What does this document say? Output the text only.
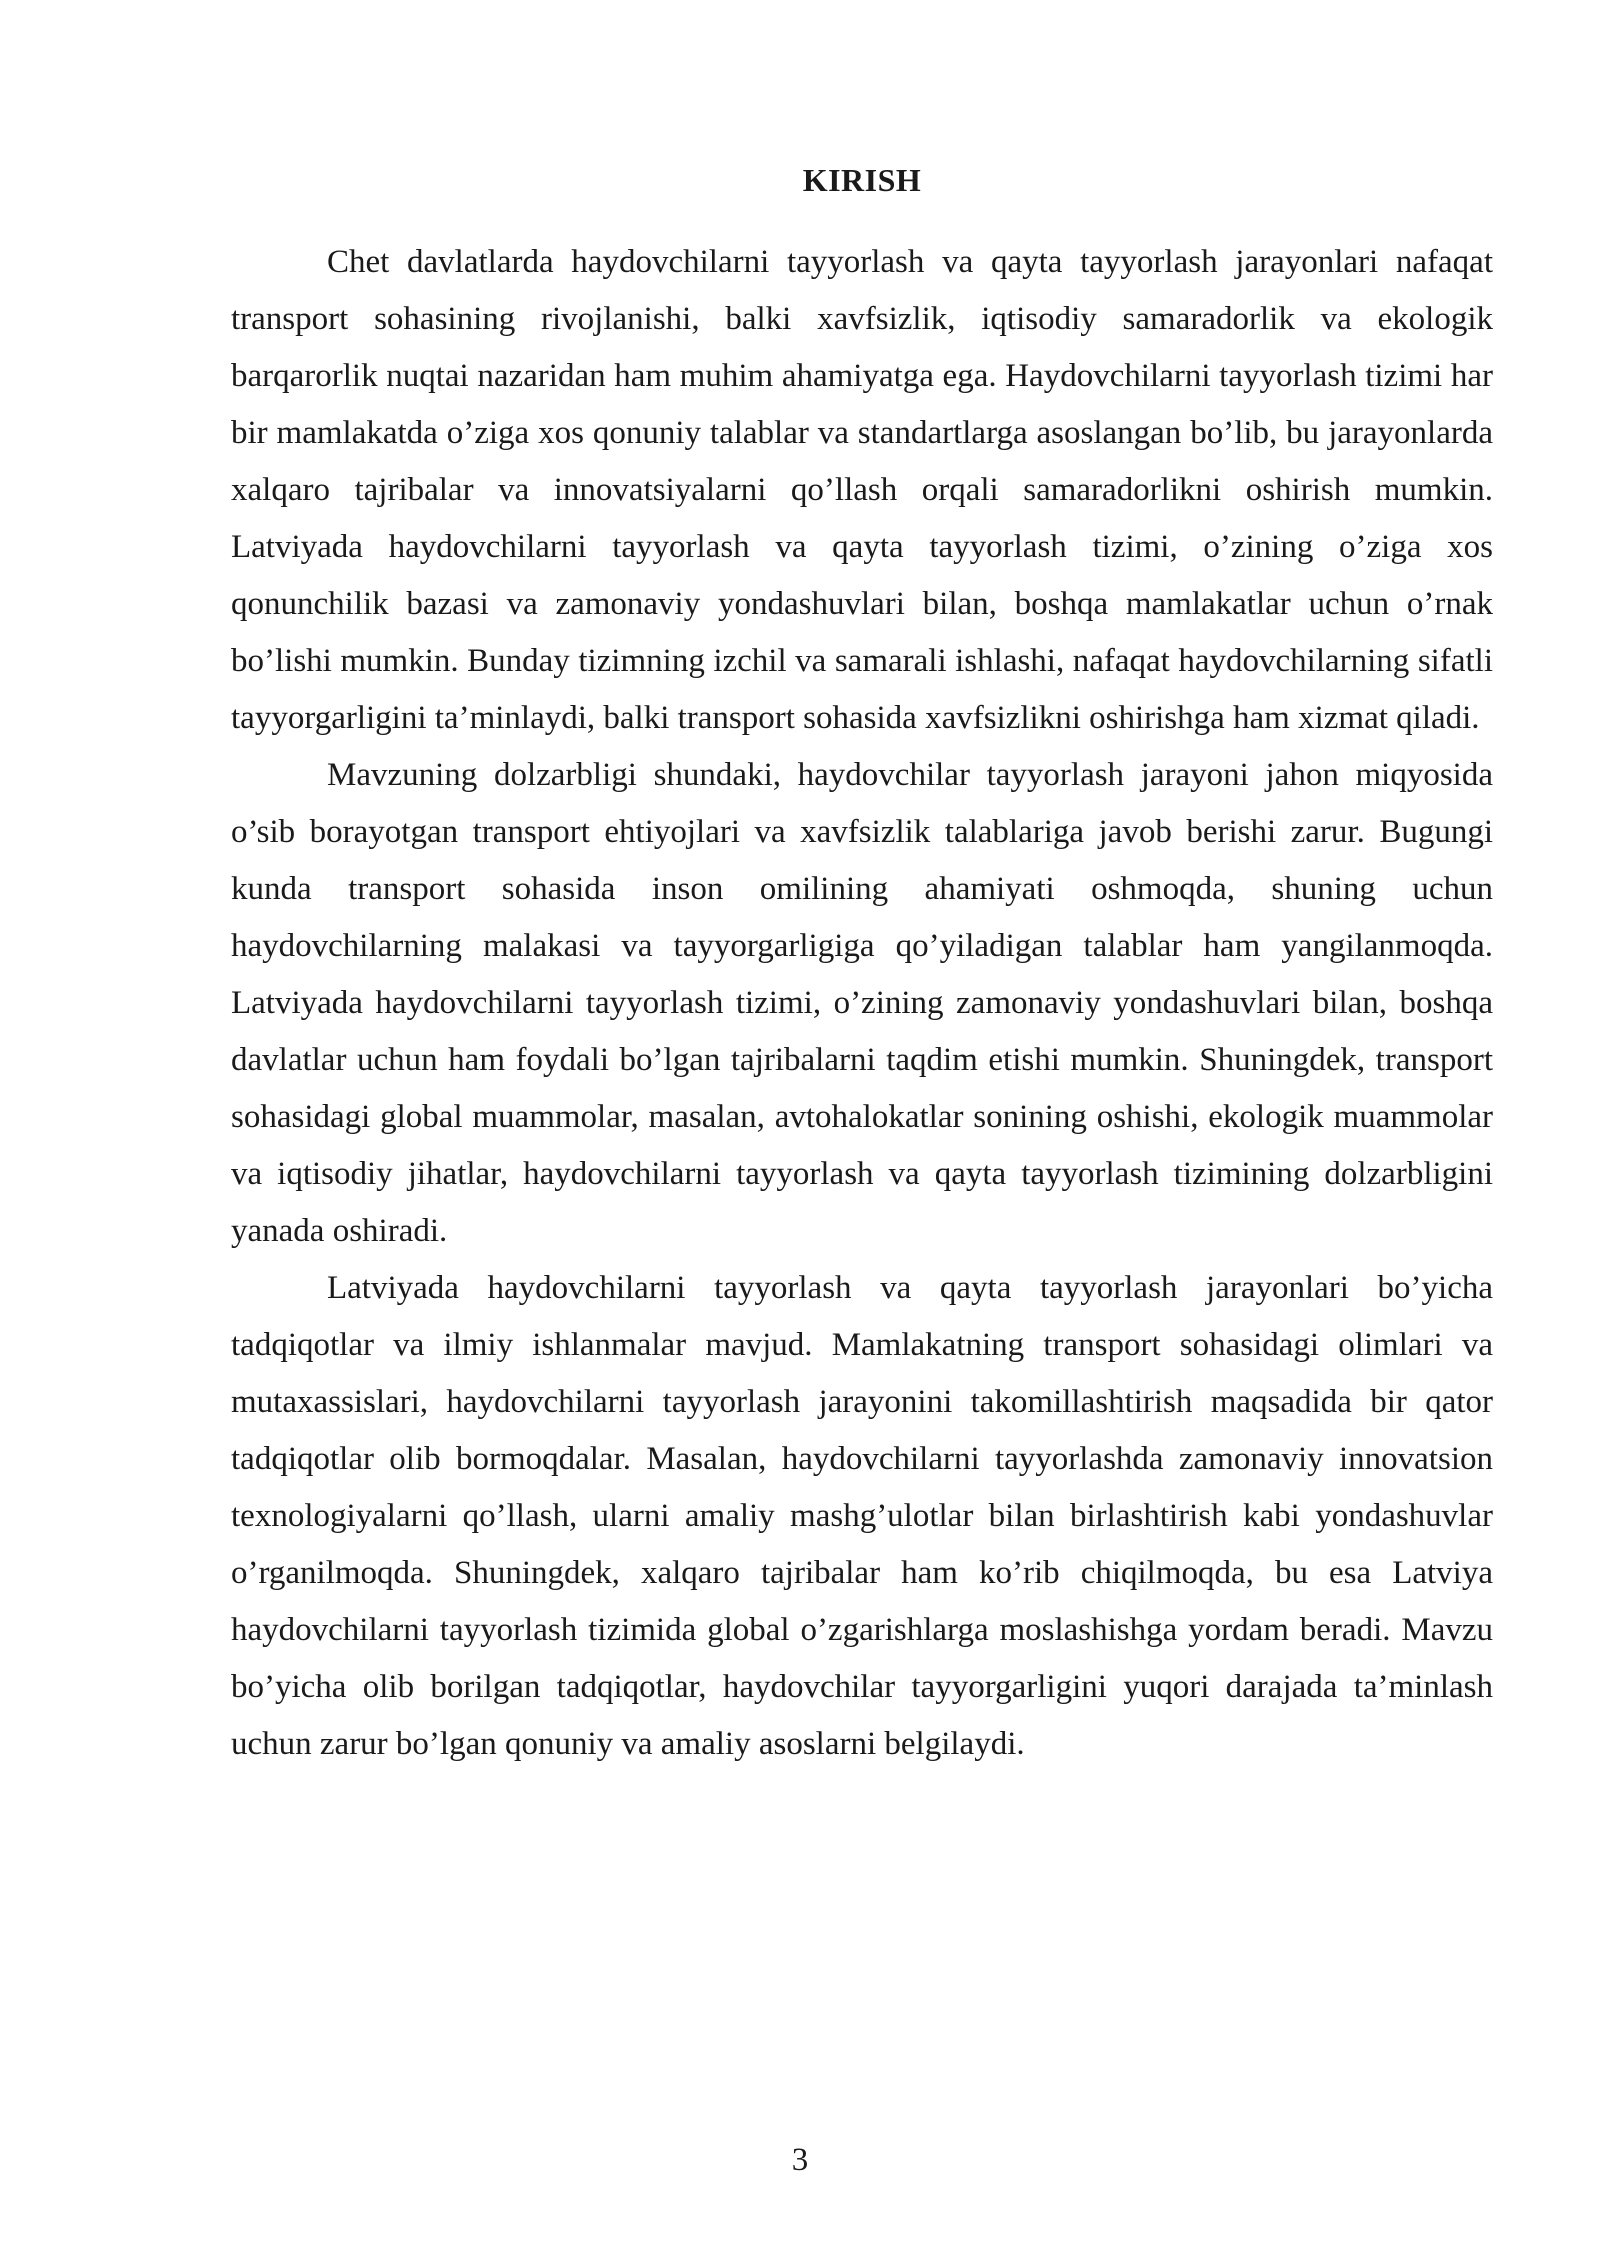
KIRISH

Chet davlatlarda haydovchilarni tayyorlash va qayta tayyorlash jarayonlari nafaqat transport sohasining rivojlanishi, balki xavfsizlik, iqtisodiy samaradorlik va ekologik barqarorlik nuqtai nazaridan ham muhim ahamiyatga ega. Haydovchilarni tayyorlash tizimi har bir mamlakatda o’ziga xos qonuniy talablar va standartlarga asoslangan bo’lib, bu jarayonlarda xalqaro tajribalar va innovatsiyalarni qo’llash orqali samaradorlikni oshirish mumkin. Latviyada haydovchilarni tayyorlash va qayta tayyorlash tizimi, o’zining o’ziga xos qonunchilik bazasi va zamonaviy yondashuvlari bilan, boshqa mamlakatlar uchun o’rnak bo’lishi mumkin. Bunday tizimning izchil va samarali ishlashi, nafaqat haydovchilarning sifatli tayyorgarligini ta’minlaydi, balki transport sohasida xavfsizlikni oshirishga ham xizmat qiladi.

Mavzuning dolzarbligi shundaki, haydovchilar tayyorlash jarayoni jahon miqyosida o’sib borayotgan transport ehtiyojlari va xavfsizlik talablariga javob berishi zarur. Bugungi kunda transport sohasida inson omilining ahamiyati oshmoqda, shuning uchun haydovchilarning malakasi va tayyorgarligiga qo’yiladigan talablar ham yangilanmoqda. Latviyada haydovchilarni tayyorlash tizimi, o’zining zamonaviy yondashuvlari bilan, boshqa davlatlar uchun ham foydali bo’lgan tajribalarni taqdim etishi mumkin. Shuningdek, transport sohasidagi global muammolar, masalan, avtohalokatlar sonining oshishi, ekologik muammolar va iqtisodiy jihatlar, haydovchilarni tayyorlash va qayta tayyorlash tizimining dolzarbligini yanada oshiradi.

Latviyada haydovchilarni tayyorlash va qayta tayyorlash jarayonlari bo’yicha tadqiqotlar va ilmiy ishlanmalar mavjud. Mamlakatning transport sohasidagi olimlari va mutaxassislari, haydovchilarni tayyorlash jarayonini takomillashtirish maqsadida bir qator tadqiqotlar olib bormoqdalar. Masalan, haydovchilarni tayyorlashda zamonaviy innovatsion texnologiyalarni qo’llash, ularni amaliy mashg’ulotlar bilan birlashtirish kabi yondashuvlar o’rganilmoqda. Shuningdek, xalqaro tajribalar ham ko’rib chiqilmoqda, bu esa Latviya haydovchilarni tayyorlash tizimida global o’zgarishlarga moslashishga yordam beradi. Mavzu bo’yicha olib borilgan tadqiqotlar, haydovchilar tayyorgarligini yuqori darajada ta’minlash uchun zarur bo’lgan qonuniy va amaliy asoslarni belgilaydi.

3
